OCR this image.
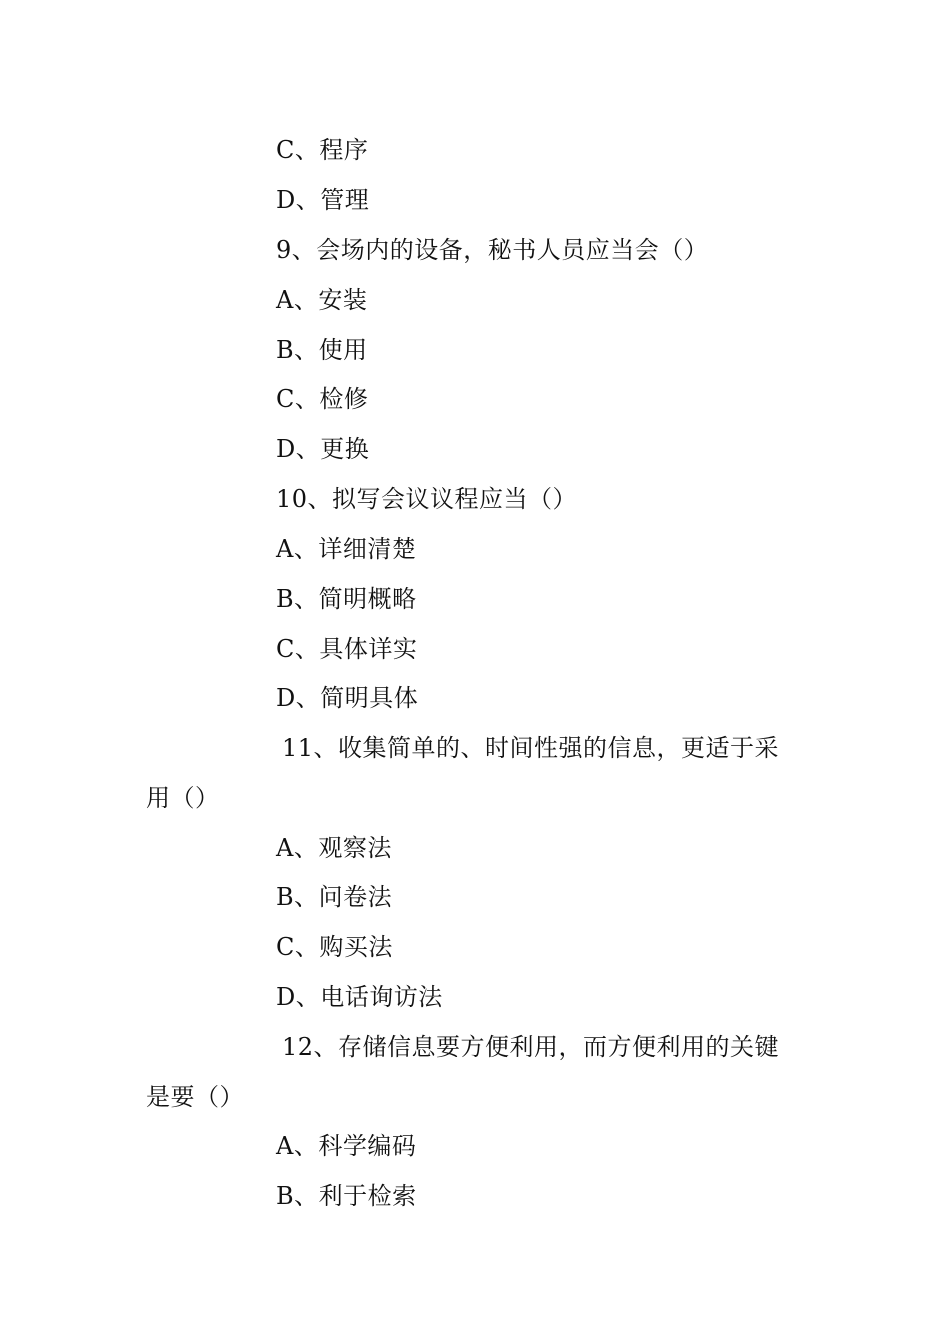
C、程序
D、管理
9、会场内的设备，秘书人员应当会（）
A、安装
B、使用
C、检修
D、更换
10、拟写会议议程应当（）
A、详细清楚
B、简明概略
C、具体详实
D、简明具体
11、收集简单的、时间性强的信息，更适于采
用（）
A、观察法
B、问卷法
C、购买法
D、电话询访法
12、存储信息要方便利用，而方便利用的关键
是要（）
A、科学编码
B、利于检索
